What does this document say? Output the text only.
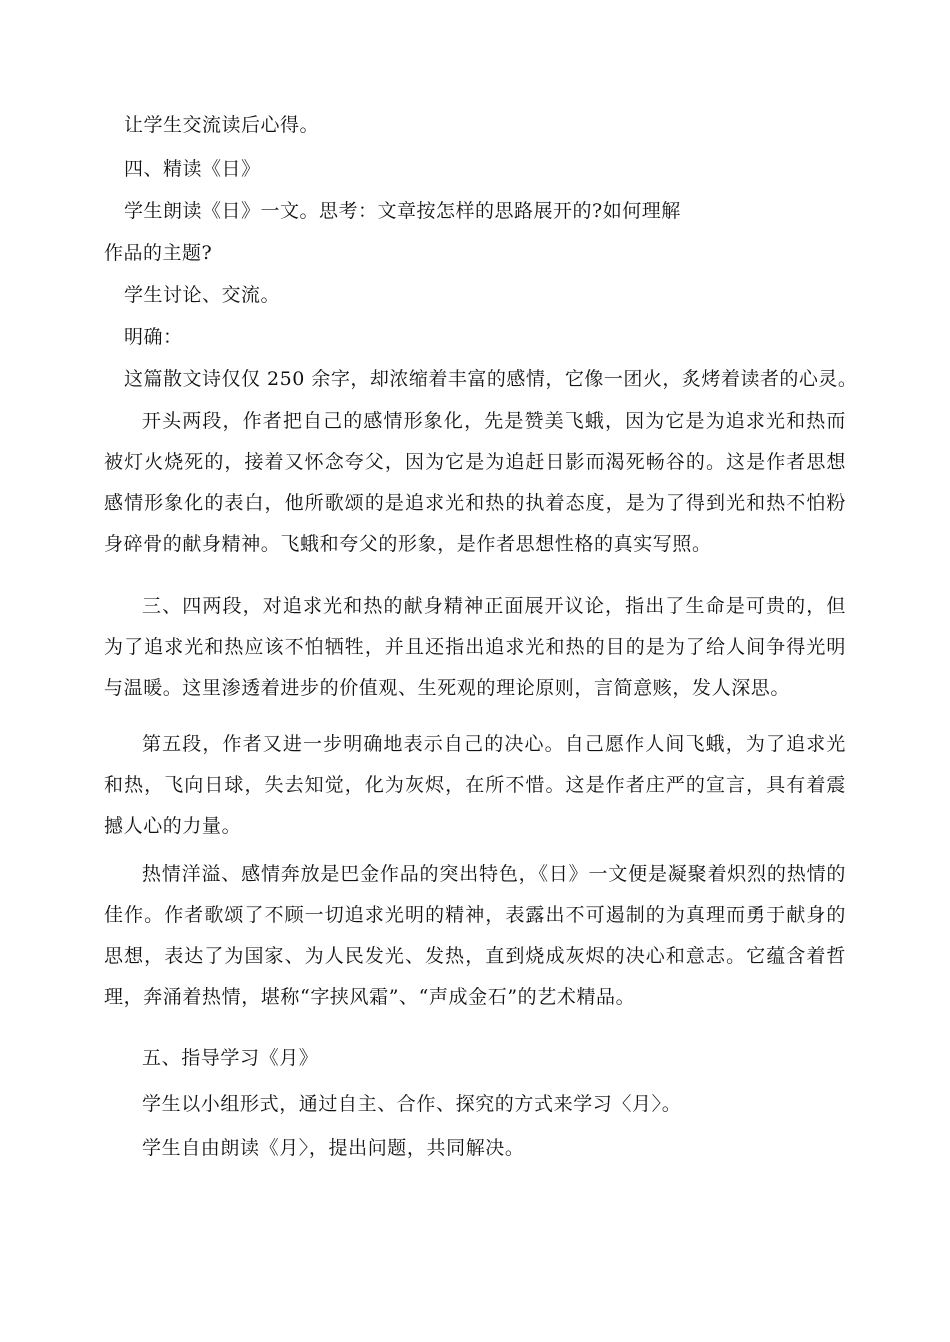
让学生交流读后心得。
四、精读《日》
学生朗读《日》一文。思考：文章按怎样的思路展开的?如何理解
作品的主题?
学生讨论、交流。
明确：
这篇散文诗仅仅 250 余字，却浓缩着丰富的感情，它像一团火，炙烤着读者的心灵。
开头两段，作者把自己的感情形象化，先是赞美飞蛾，因为它是为追求光和热而被灯火烧死的，接着又怀念夸父，因为它是为追赶日影而渴死畅谷的。这是作者思想感情形象化的表白，他所歌颂的是追求光和热的执着态度，是为了得到光和热不怕粉身碎骨的献身精神。飞蛾和夸父的形象，是作者思想性格的真实写照。
三、四两段，对追求光和热的献身精神正面展开议论，指出了生命是可贵的，但为了追求光和热应该不怕牺牲，并且还指出追求光和热的目的是为了给人间争得光明与温暖。这里渗透着进步的价值观、生死观的理论原则，言简意赅，发人深思。
第五段，作者又进一步明确地表示自己的决心。自己愿作人间飞蛾，为了追求光和热，飞向日球，失去知觉，化为灰烬，在所不惜。这是作者庄严的宣言，具有着震撼人心的力量。
热情洋溢、感情奔放是巴金作品的突出特色，《日》一文便是凝聚着炽烈的热情的佳作。作者歌颂了不顾一切追求光明的精神，表露出不可遏制的为真理而勇于献身的思想，表达了为国家、为人民发光、发热，直到烧成灰烬的决心和意志。它蕴含着哲理，奔涌着热情，堪称“字挟风霜”、“声成金石”的艺术精品。
五、指导学习《月》
学生以小组形式，通过自主、合作、探究的方式来学习〈月〉。
学生自由朗读《月〉，提出问题，共同解决。
